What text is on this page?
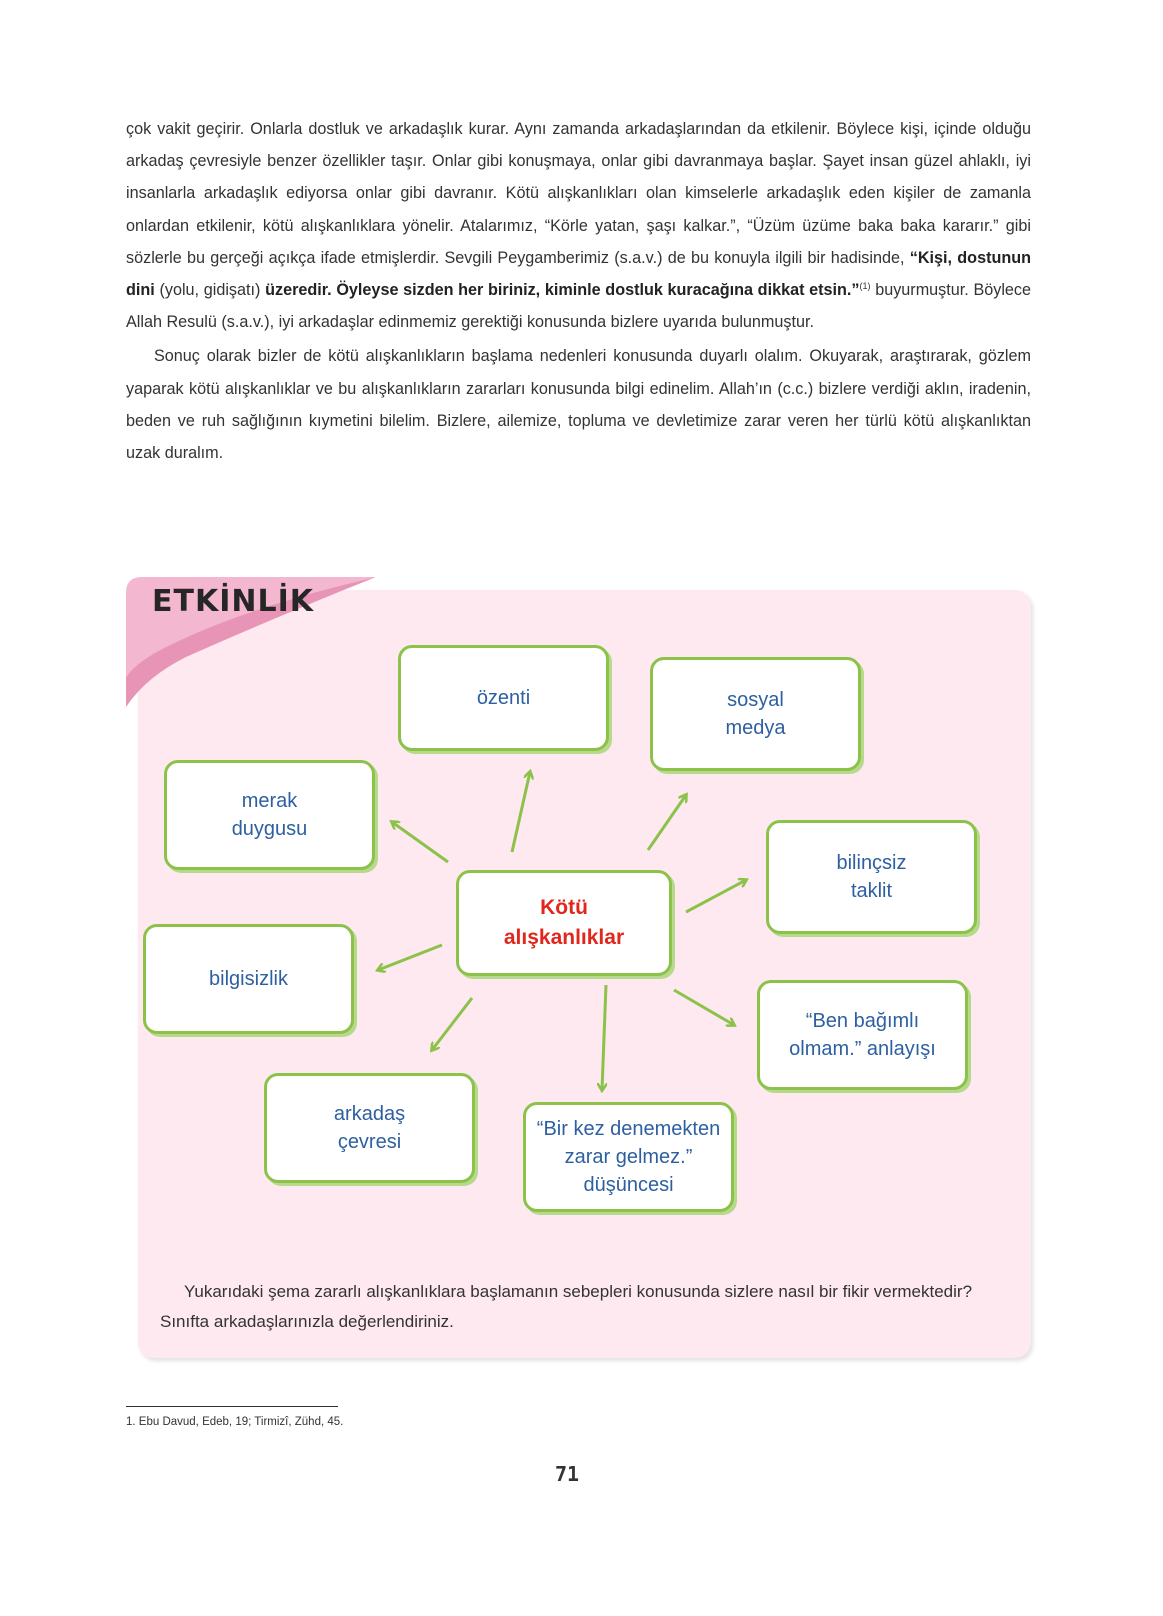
çok vakit geçirir. Onlarla dostluk ve arkadaşlık kurar. Aynı zamanda arkadaşlarından da etkilenir. Böylece kişi, içinde olduğu arkadaş çevresiyle benzer özellikler taşır. Onlar gibi konuşmaya, onlar gibi davranmaya başlar. Şayet insan güzel ahlaklı, iyi insanlarla arkadaşlık ediyorsa onlar gibi davranır. Kötü alışkanlıkları olan kimselerle arkadaşlık eden kişiler de zamanla onlardan etkilenir, kötü alışkanlıklara yönelir. Atalarımız, “Körle yatan, şaşı kalkar.”, “Üzüm üzüme baka baka kararır.” gibi sözlerle bu gerçeği açıkça ifade etmişlerdir. Sevgili Peygamberimiz (s.a.v.) de bu konuyla ilgili bir hadisinde, “Kişi, dostunun dini (yolu, gidişatı) üzeredir. Öyleyse sizden her biriniz, kiminle dostluk kuracağına dikkat etsin.”$^{(1)}$ buyurmuştur. Böylece Allah Resulü (s.a.v.), iyi arkadaşlar edinmemiz gerektiği konusunda bizlere uyarıda bulunmuştur.

Sonuç olarak bizler de kötü alışkanlıkların başlama nedenleri konusunda duyarlı olalım. Okuyarak, araştırarak, gözlem yaparak kötü alışkanlıklar ve bu alışkanlıkların zararları konusunda bilgi edinelim. Allah’ın (c.c.) bizlere verdiği aklın, iradenin, beden ve ruh sağlığının kıymetini bilelim. Bizlere, ailemize, topluma ve devletimize zarar veren her türlü kötü alışkanlıktan uzak duralım.

ETKİNLİK
özenti	sosyal
medya
merak
duygusu
bilinçsiz
taklit
Kötü
alışkanlıklar
bilgisizlik
“Ben bağımlı
olmam.” anlayışı
arkadaş
çevresi
“Bir kez denemekten
zarar gelmez.”
düşüncesi
Yukarıdaki şema zararlı alışkanlıklara başlamanın sebepleri konusunda sizlere nasıl bir fikir vermektedir? Sınıfta arkadaşlarınızla değerlendiriniz.
1. Ebu Davud, Edeb, 19; Tirmizî, Zühd, 45.
71
